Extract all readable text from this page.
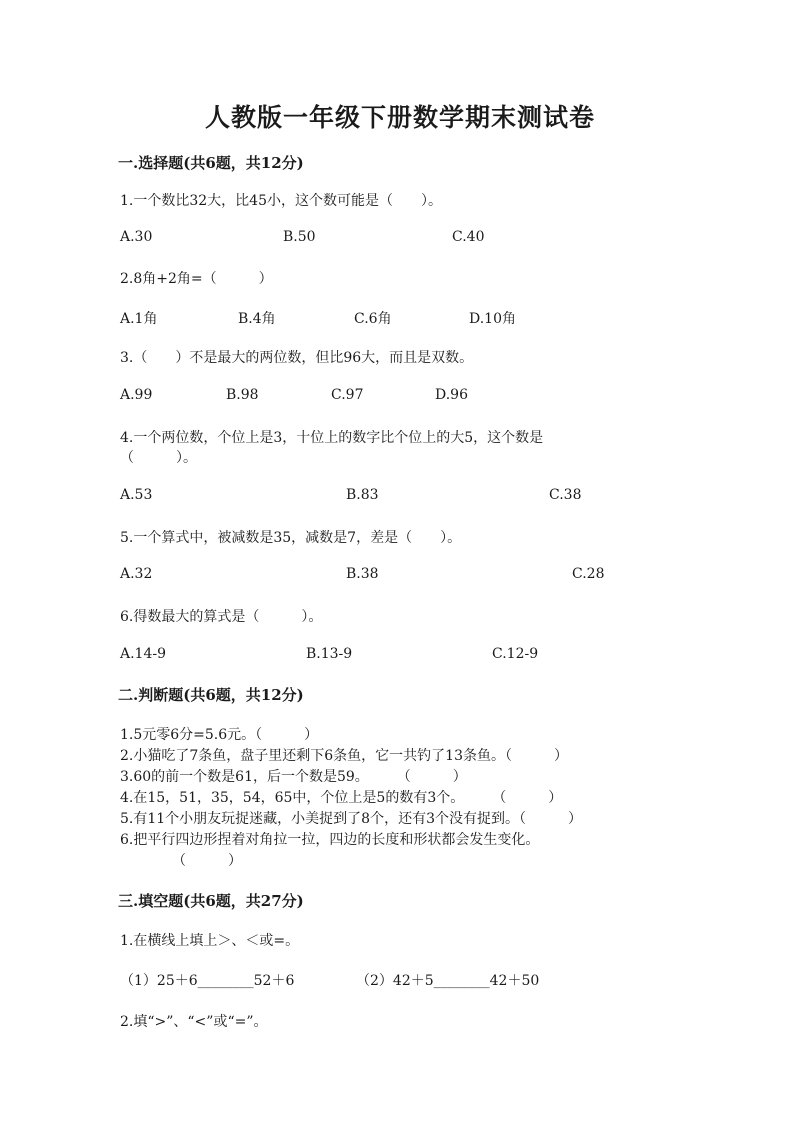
人教版一年级下册数学期末测试卷
一.选择题(共6题，共12分)
1.一个数比32大，比45小，这个数可能是（　　）。
A.30	B.50	C.40
2.8角+2角=（　　　）
A.1角	B.4角	C.6角	D.10角
3.（　　）不是最大的两位数，但比96大，而且是双数。
A.99	B.98	C.97	D.96
4.一个两位数，个位上是3，十位上的数字比个位上的大5，这个数是
（　　　）。
A.53	B.83	C.38
5.一个算式中，被减数是35，减数是7，差是（　　）。
A.32	B.38	C.28
6.得数最大的算式是（　　　）。
A.14-9	B.13-9	C.12-9
二.判断题(共6题，共12分)
1.5元零6分=5.6元。（　　　）
2.小猫吃了7条鱼，盘子里还剩下6条鱼，它一共钓了13条鱼。（　　　）
3.60的前一个数是61，后一个数是59。　　　（　　　）
4.在15，51，35，54，65中，个位上是5的数有3个。　　　（　　　）
5.有11个小朋友玩捉迷藏，小美捉到了8个，还有3个没有捉到。（　　　）
6.把平行四边形捏着对角拉一拉，四边的长度和形状都会发生变化。
（　　　）
三.填空题(共6题，共27分)
1.在横线上填上＞、＜或=。
（1）25＋6________52＋6	（2）42＋5________42＋50
2.填“>”、“<”或“=”。
